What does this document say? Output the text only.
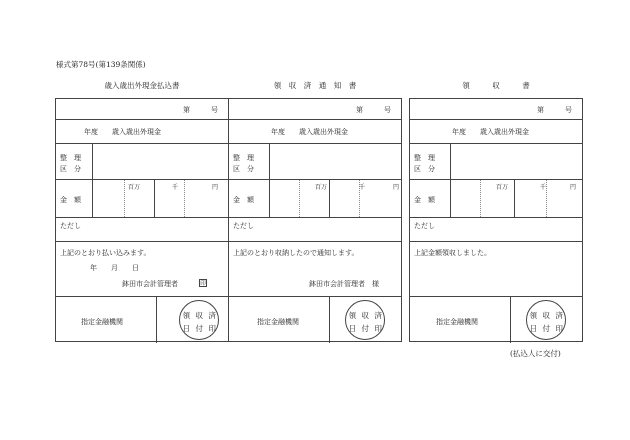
様式第78号(第139条関係)
歳入歳出外現金払込書
第　　　号
年度　　歳入歳出外現金
整　理
区　分
金　額
百万	千	円
ただし
上記のとおり払い込みます。
年　　月　　日
鉢田市会計管理者	印
指定金融機関
領 収 済
日 付 印
領　収　済　通　知　書
第　　　号
年度　　歳入歳出外現金
整　理
区　分
金　額
百万	千	円
ただし
上記のとおり収納したので通知します。
鉢田市会計管理者　様
指定金融機関
領 収 済
日 付 印
領　　　収　　　書
第　　　号
年度　　歳入歳出外現金
整　理
区　分
金　額
百万	千	円
ただし
上記金額領収しました。
指定金融機関
領 収 済
日 付 印
(払込人に交付)
